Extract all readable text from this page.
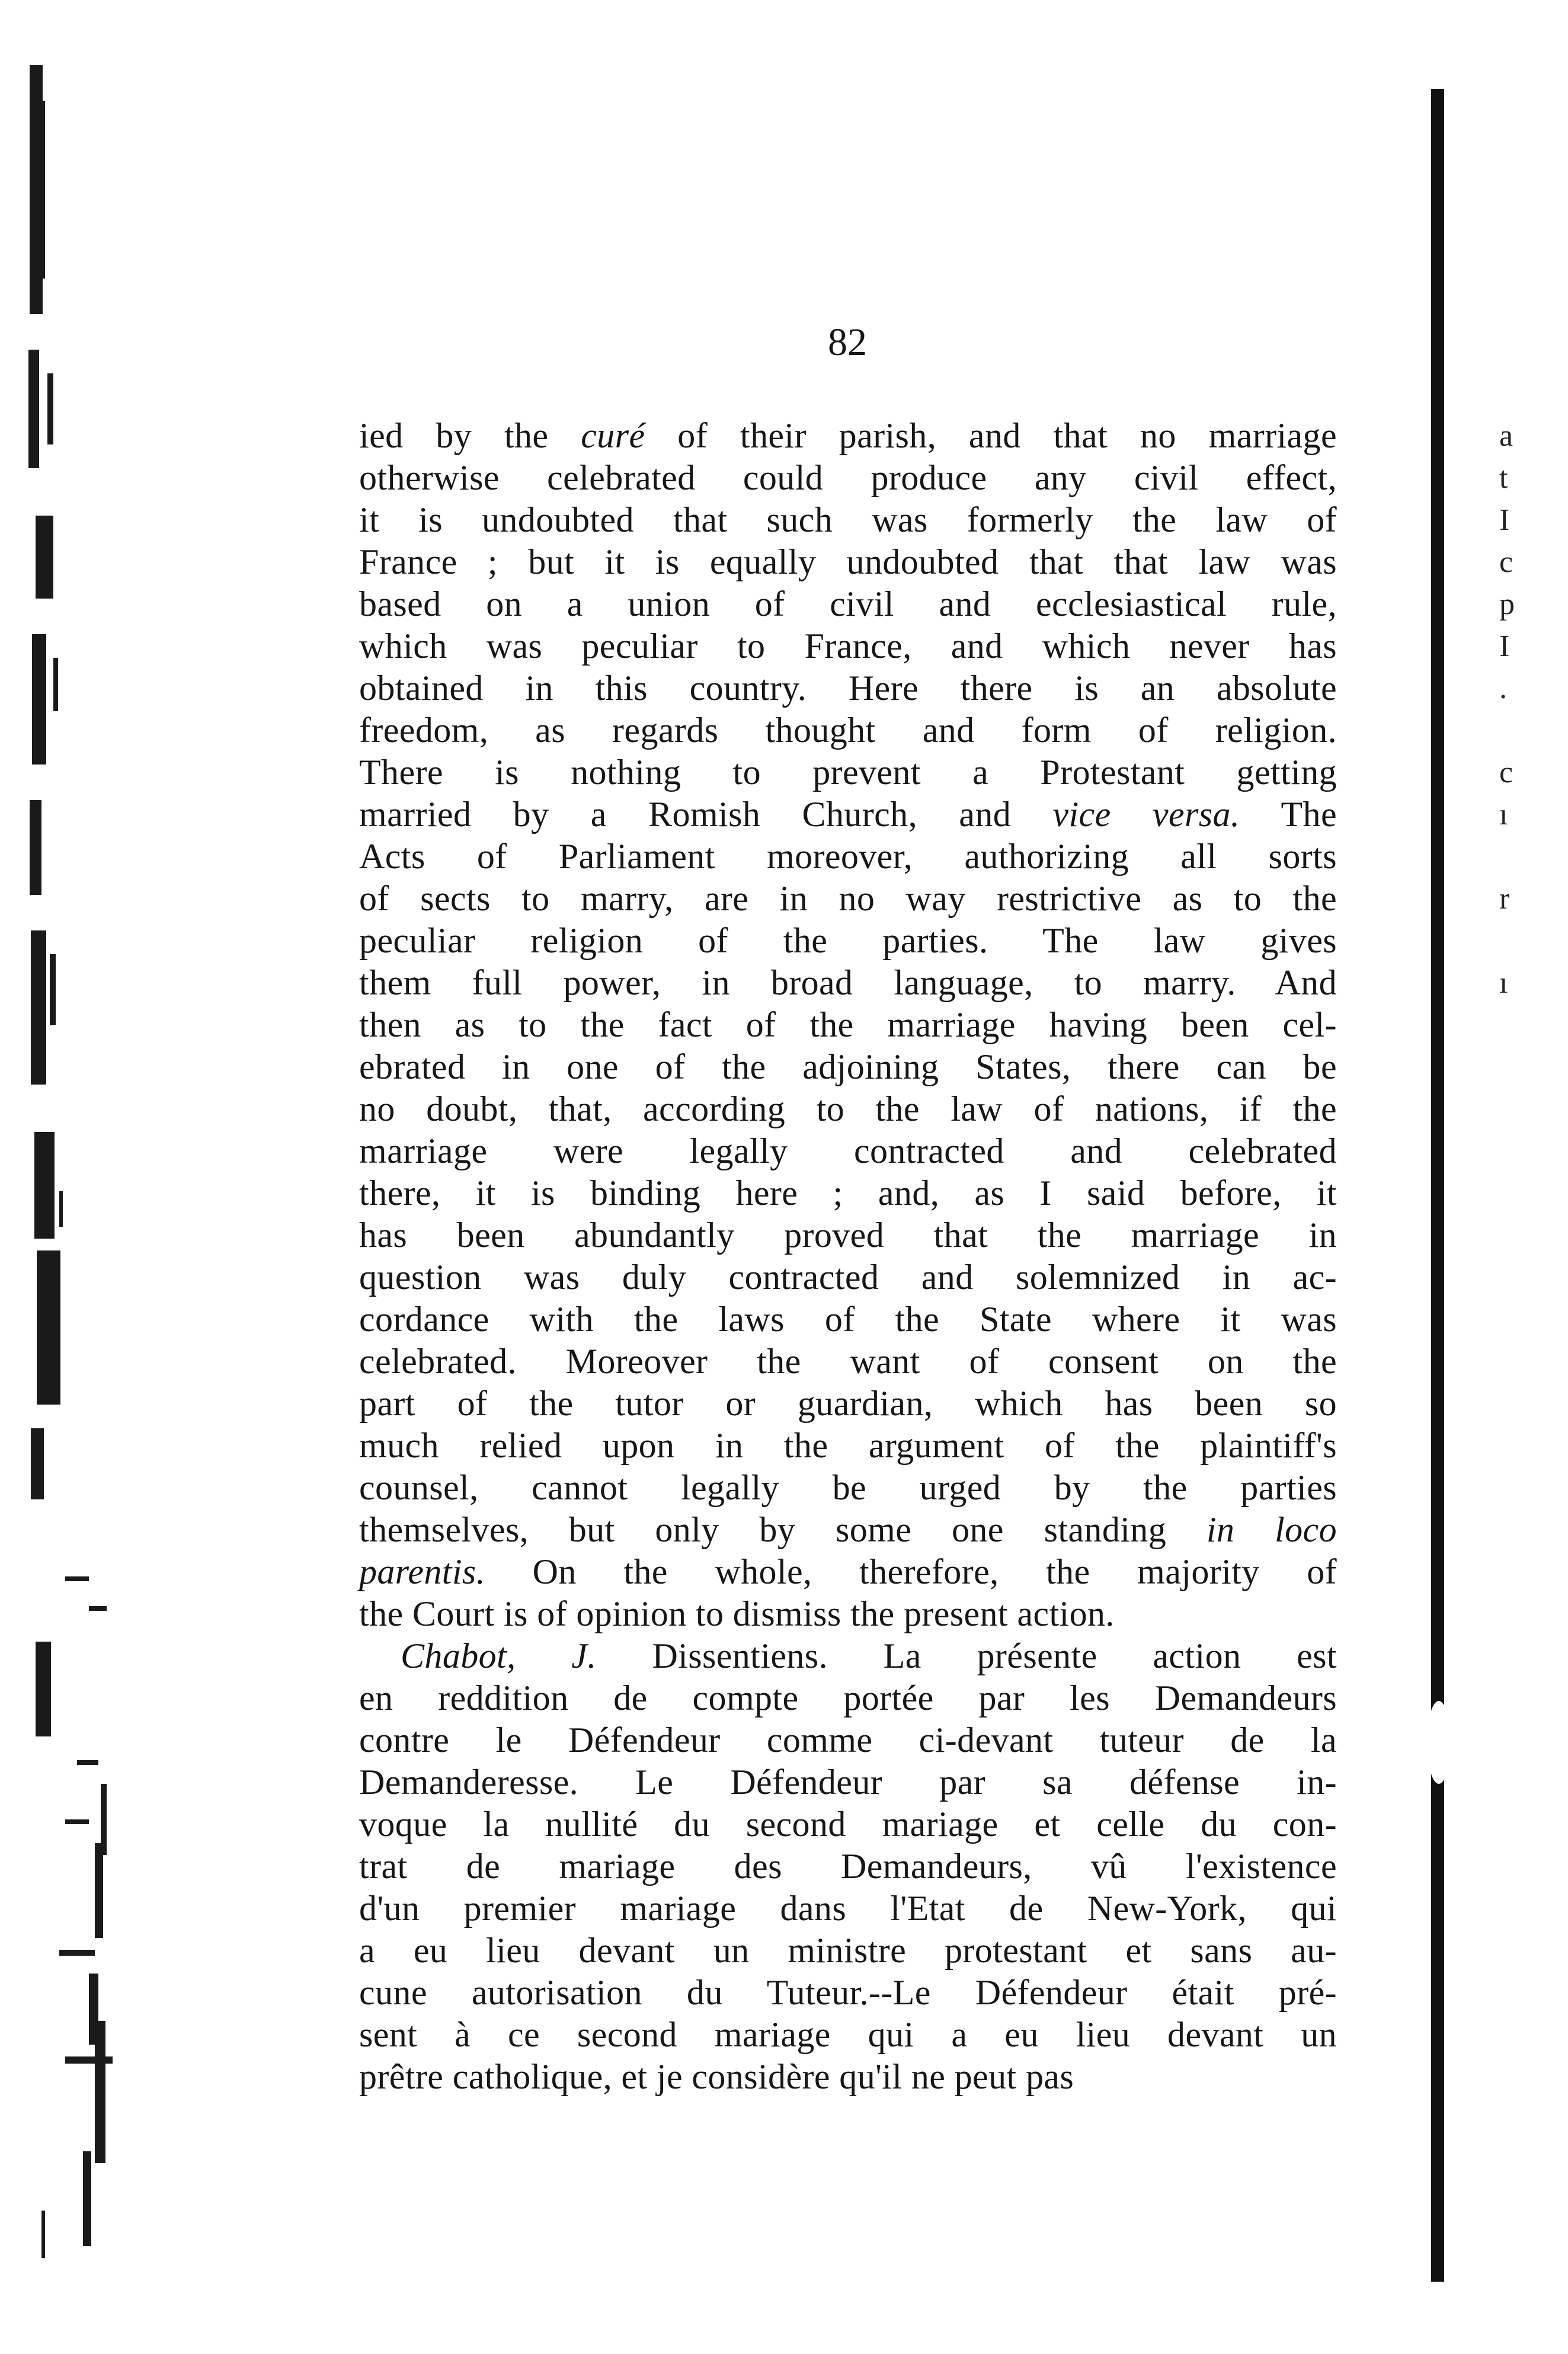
82
ied by the curé of their parish, and that no marriage
otherwise celebrated could produce any civil effect,
it is undoubted that such was formerly the law of
France ; but it is equally undoubted that that law was
based on a union of civil and ecclesiastical rule,
which was peculiar to France, and which never has
obtained in this country. Here there is an absolute
freedom, as regards thought and form of religion.
There is nothing to prevent a Protestant getting
married by a Romish Church, and vice versa. The
Acts of Parliament moreover, authorizing all sorts
of sects to marry, are in no way restrictive as to the
peculiar religion of the parties. The law gives
them full power, in broad language, to marry. And
then as to the fact of the marriage having been cel-
ebrated in one of the adjoining States, there can be
no doubt, that, according to the law of nations, if the
marriage were legally contracted and celebrated
there, it is binding here ; and, as I said before, it
has been abundantly proved that the marriage in
question was duly contracted and solemnized in ac-
cordance with the laws of the State where it was
celebrated. Moreover the want of consent on the
part of the tutor or guardian, which has been so
much relied upon in the argument of the plaintiff's
counsel, cannot legally be urged by the parties
themselves, but only by some one standing in loco
parentis. On the whole, therefore, the majority of
the Court is of opinion to dismiss the present action.
Chabot, J. Dissentiens. La présente action est
en reddition de compte portée par les Demandeurs
contre le Défendeur comme ci-devant tuteur de la
Demanderesse. Le Défendeur par sa défense in-
voque la nullité du second mariage et celle du con-
trat de mariage des Demandeurs, vû l'existence
d'un premier mariage dans l'Etat de New-York, qui
a eu lieu devant un ministre protestant et sans au-
cune autorisation du Tuteur.--Le Défendeur était pré-
sent à ce second mariage qui a eu lieu devant un
prêtre catholique, et je considère qu'il ne peut pas
a
t
I
c
p
I
.
c
ı
r
ı
